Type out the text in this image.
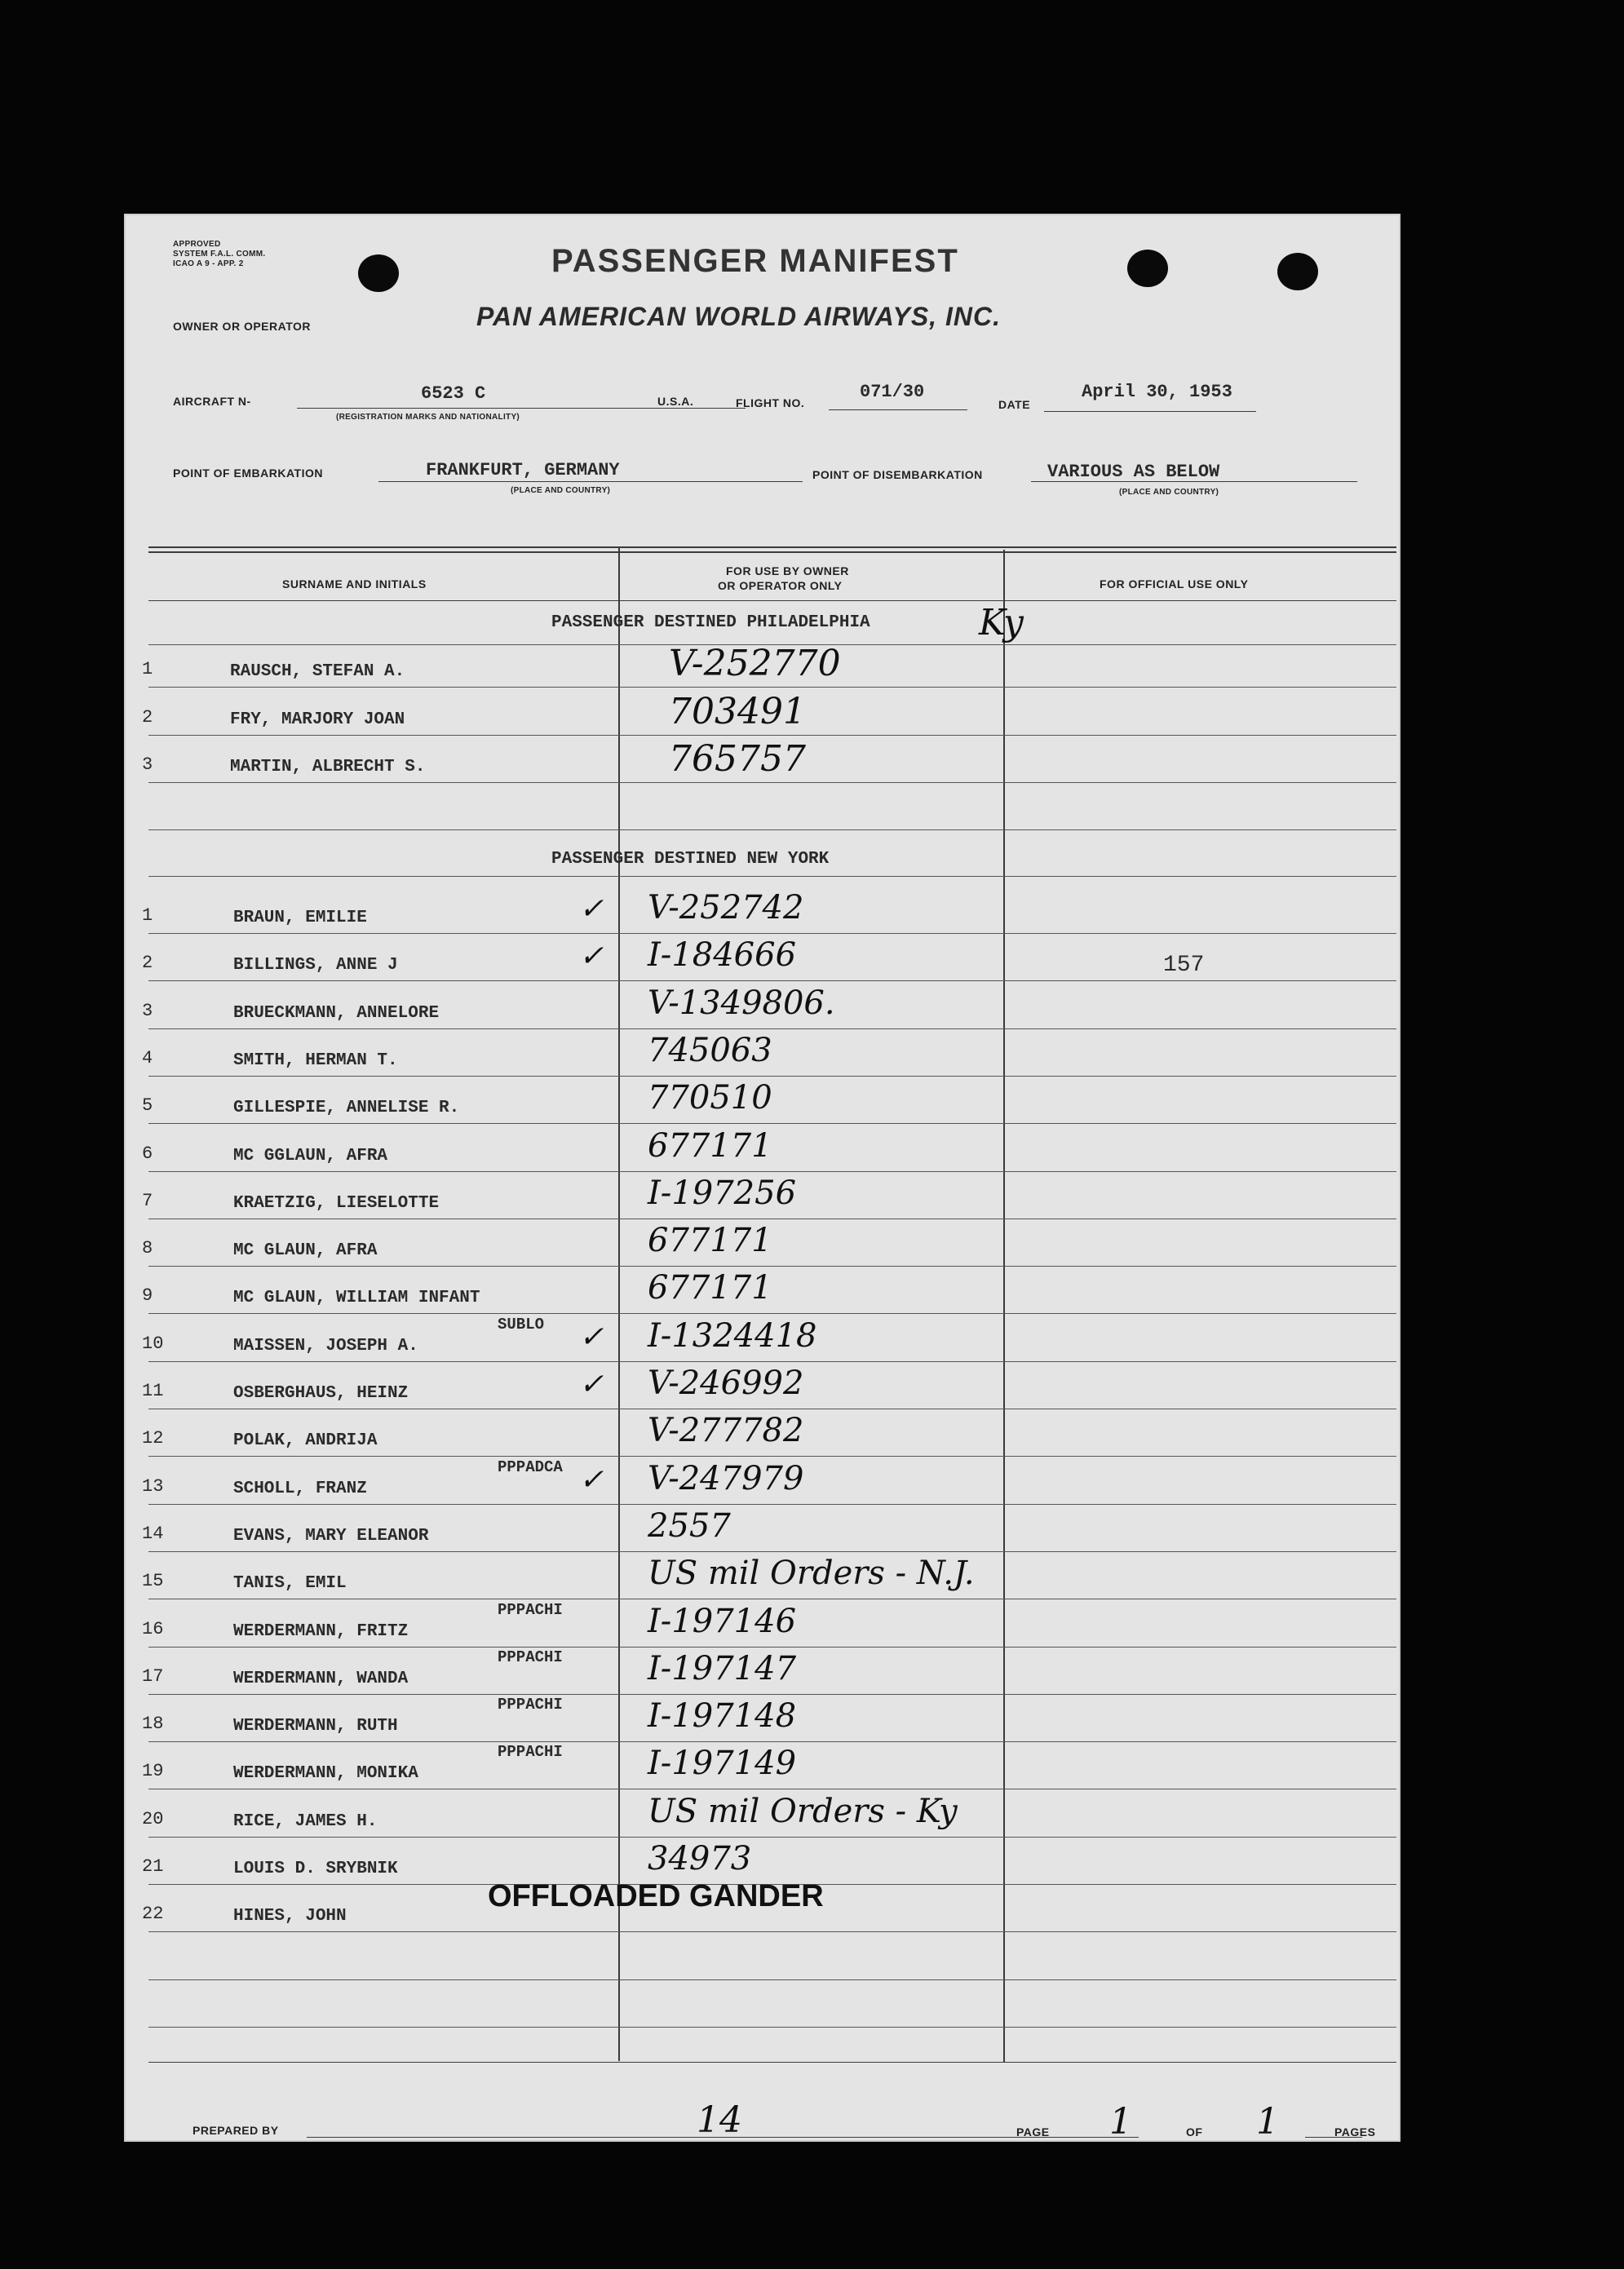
APPROVED
SYSTEM F.A.L. COMM.
ICAO A 9 - APP. 2	PASSENGER MANIFEST
OWNER OR OPERATOR	PAN AMERICAN WORLD AIRWAYS, INC.
AIRCRAFT N-	6523 C
(REGISTRATION MARKS AND NATIONALITY)
U.S.A.	FLIGHT NO.
071/30
DATE
April 30, 1953
POINT OF EMBARKATION	FRANKFURT, GERMANY
(PLACE AND COUNTRY)
POINT OF DISEMBARKATION	VARIOUS AS BELOW
(PLACE AND COUNTRY)
SURNAME AND INITIALS
FOR USE BY OWNER
OR OPERATOR ONLY	FOR OFFICIAL USE ONLY
PASSENGER DESTINED PHILADELPHIA	Ky
1	RAUSCH, STEFAN A.	V-252770
2	FRY, MARJORY JOAN	703491
3	MARTIN, ALBRECHT S.	765757
PASSENGER DESTINED NEW YORK
1	BRAUN, EMILIE	✓ V-252742
2	BILLINGS, ANNE J	✓ I-184666	157
3	BRUECKMANN, ANNELORE	V-1349806.
4	SMITH, HERMAN T.	745063
5	GILLESPIE, ANNELISE R.	770510
6	MC GGLAUN, AFRA	677171
7	KRAETZIG, LIESELOTTE	I-197256
8	MC GLAUN, AFRA	677171
9	MC GLAUN, WILLIAM INFANT	677171
10	MAISSEN, JOSEPH A.	✓ I-1324418
SUBLO
11	OSBERGHAUS, HEINZ	✓ V-246992
12	POLAK, ANDRIJA	V-277782
13	SCHOLL, FRANZ	✓ V-247979
PPPADCA
14	EVANS, MARY ELEANOR	2557
15	TANIS, EMIL	US mil Orders - N.J.
16	WERDERMANN, FRITZ	I-197146
PPPACHI
17	WERDERMANN, WANDA	I-197147
PPPACHI
18	WERDERMANN, RUTH	I-197148
PPPACHI
19	WERDERMANN, MONIKA	I-197149
PPPACHI
20	RICE, JAMES H.	US mil Orders - Ky
21	LOUIS D. SRYBNIK	34973
22	HINES, JOHN
OFFLOADED GANDER
PREPARED BY	14	PAGE 1	OF 1	PAGES
